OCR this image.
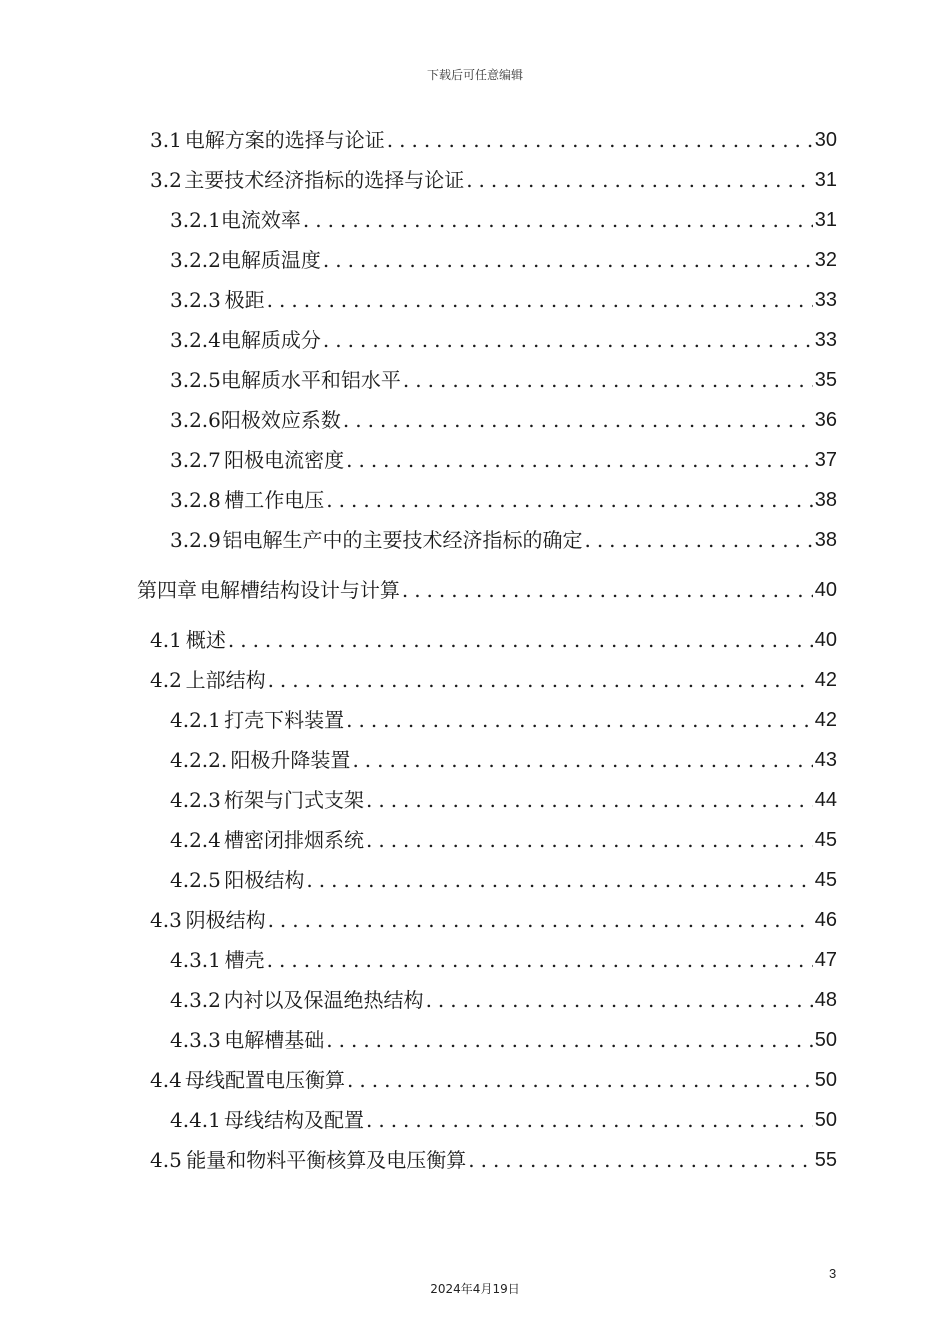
下载后可任意编辑
3.1 电解方案的选择与论证 .....	30
3.2 主要技术经济指标的选择与论证 .....	31
3.2.1 电流效率 .....	31
3.2.2 电解质温度 .....	32
3.2.3 极距 .....	33
3.2.4 电解质成分 .....	33
3.2.5 电解质水平和铝水平 .....	35
3.2.6 阳极效应系数 .....	36
3.2.7 阳极电流密度 .....	37
3.2.8 槽工作电压 .....	38
3.2.9 铝电解生产中的主要技术经济指标的确定 .....	38
第四章 电解槽结构设计与计算 .....	40
4.1 概述 .....	40
4.2 上部结构 .....	42
4.2.1 打壳下料装置 .....	42
4.2.2. 阳极升降装置 .....	43
4.2.3 桁架与门式支架 .....	44
4.2.4 槽密闭排烟系统 .....	45
4.2.5 阳极结构 .....	45
4.3 阴极结构 .....	46
4.3.1 槽壳 .....	47
4.3.2 内衬以及保温绝热结构 .....	48
4.3.3 电解槽基础 .....	50
4.4 母线配置电压衡算 .....	50
4.4.1 母线结构及配置 .....	50
4.5 能量和物料平衡核算及电压衡算 .....	55
3
2024年4月19日
